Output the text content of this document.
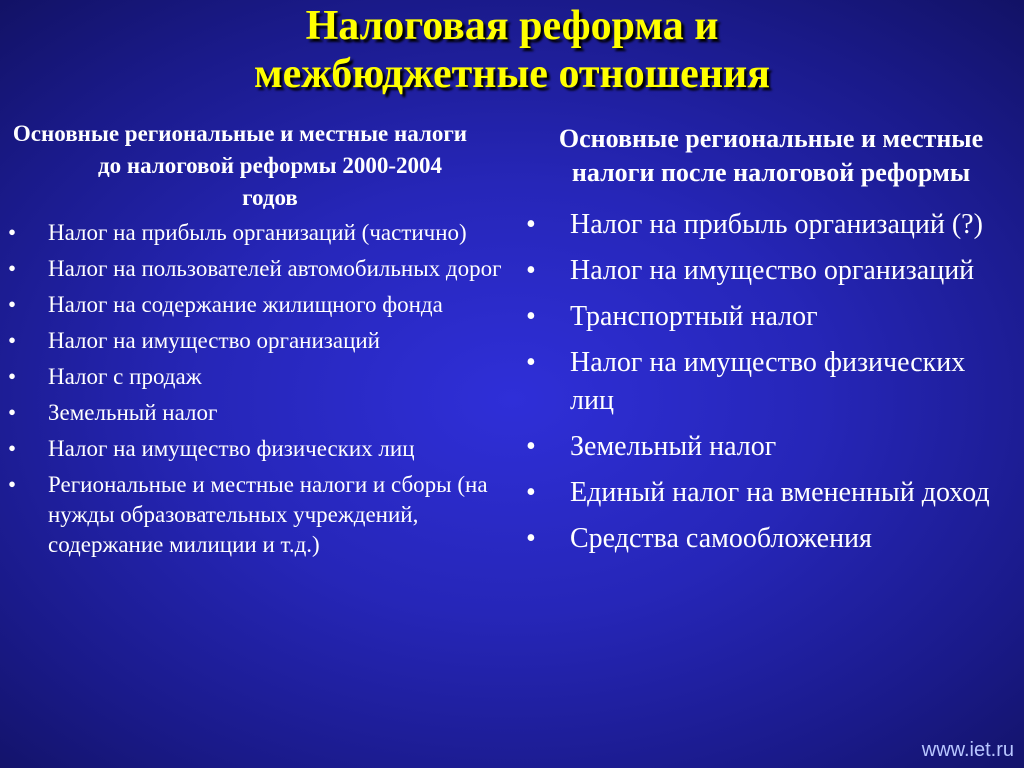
Налоговая реформа и
межбюджетные отношения
Основные региональные и местные налоги до налоговой реформы 2000-2004 годов
• Налог на прибыль организаций (частично)
• Налог на пользователей автомобильных дорог
• Налог на содержание жилищного фонда
• Налог на имущество организаций
• Налог с продаж
• Земельный налог
• Налог на имущество физических лиц
• Региональные и местные налоги и сборы (на нужды образовательных учреждений, содержание милиции и т.д.)
Основные региональные и местные налоги после налоговой реформы
• Налог на прибыль организаций (?)
• Налог на имущество организаций
• Транспортный налог
• Налог на имущество физических лиц
• Земельный налог
• Единый налог на вмененный доход
• Средства самообложения
www.iet.ru
